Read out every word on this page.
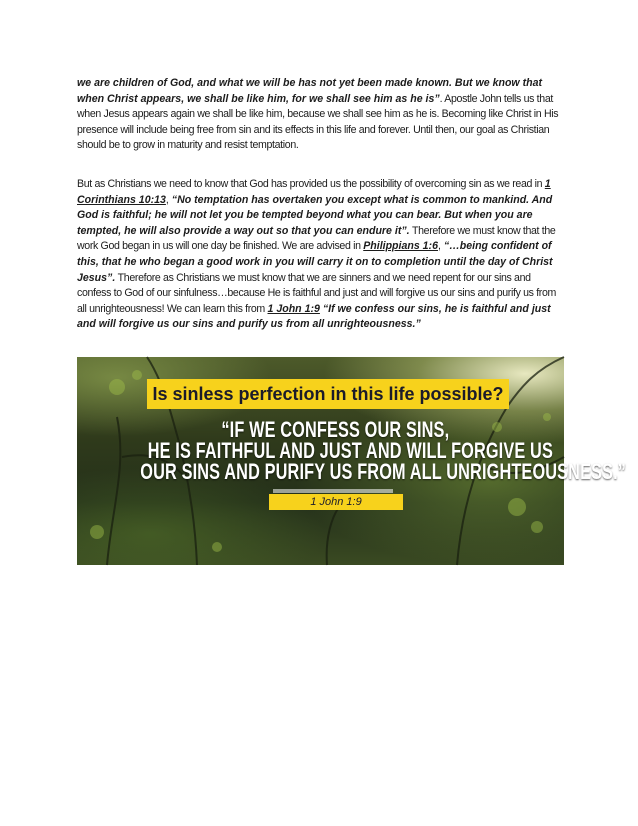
we are children of God, and what we will be has not yet been made known. But we know that when Christ appears, we shall be like him, for we shall see him as he is”. Apostle John tells us that when Jesus appears again we shall be like him, because we shall see him as he is. Becoming like Christ in His presence will include being free from sin and its effects in this life and forever. Until then, our goal as Christian should be to grow in maturity and resist temptation.

But as Christians we need to know that God has provided us the possibility of overcoming sin as we read in 1 Corinthians 10:13, “No temptation has overtaken you except what is common to mankind. And God is faithful; he will not let you be tempted beyond what you can bear. But when you are tempted, he will also provide a way out so that you can endure it”. Therefore we must know that the work God began in us will one day be finished. We are advised in Philippians 1:6, “…being confident of this, that he who began a good work in you will carry it on to completion until the day of Christ Jesus”. Therefore as Christians we must know that we are sinners and we need repent for our sins and confess to God of our sinfulness…because He is faithful and just and will forgive us our sins and purify us from all unrighteousness! We can learn this from 1 John 1:9 “If we confess our sins, he is faithful and just and will forgive us our sins and purify us from all unrighteousness.”

Is sinless perfection in this life possible?
“IF WE CONFESS OUR SINS,
HE IS FAITHFUL AND JUST AND WILL FORGIVE US
OUR SINS AND PURIFY US FROM ALL UNRIGHTEOUSNESS.”
1 John 1:9
